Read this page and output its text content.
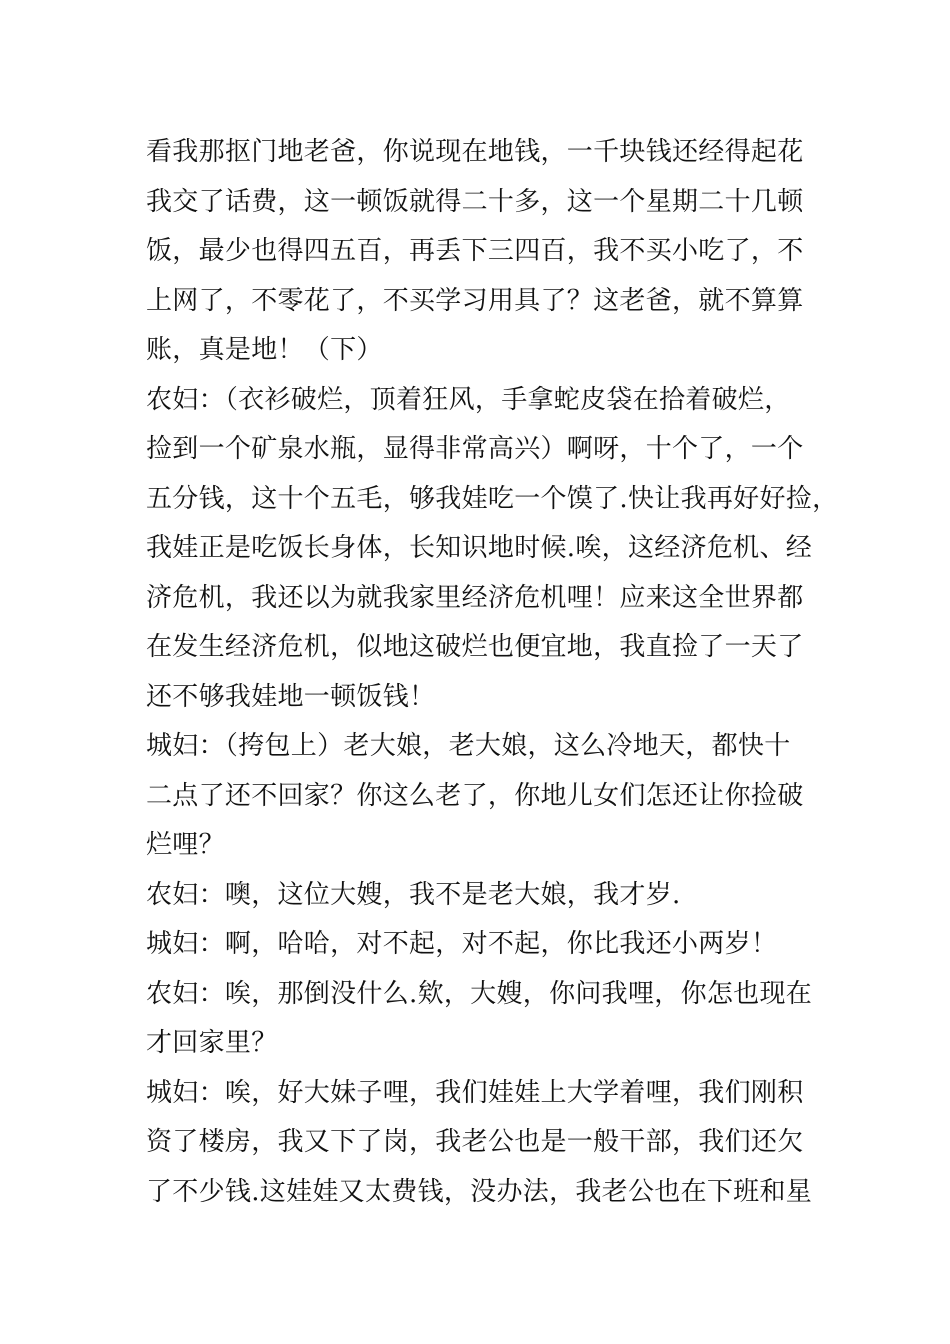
看我那抠门地老爸，你说现在地钱，一千块钱还经得起花
我交了话费，这一顿饭就得二十多，这一个星期二十几顿
饭，最少也得四五百，再丢下三四百，我不买小吃了，不
上网了，不零花了，不买学习用具了？这老爸，就不算算
账，真是地！（下）
农妇：（衣衫破烂，顶着狂风，手拿蛇皮袋在拾着破烂，
捡到一个矿泉水瓶，显得非常高兴）啊呀，十个了，一个
五分钱，这十个五毛，够我娃吃一个馍了.快让我再好好捡，
我娃正是吃饭长身体，长知识地时候.唉，这经济危机、经
济危机，我还以为就我家里经济危机哩！应来这全世界都
在发生经济危机，似地这破烂也便宜地，我直捡了一天了
还不够我娃地一顿饭钱！
城妇：（挎包上）老大娘，老大娘，这么冷地天，都快十
二点了还不回家？你这么老了，你地儿女们怎还让你捡破
烂哩？
农妇：噢，这位大嫂，我不是老大娘，我才岁.
城妇：啊，哈哈，对不起，对不起，你比我还小两岁！
农妇：唉，那倒没什么.欸，大嫂，你问我哩，你怎也现在
才回家里？
城妇：唉，好大妹子哩，我们娃娃上大学着哩，我们刚积
资了楼房，我又下了岗，我老公也是一般干部，我们还欠
了不少钱.这娃娃又太费钱，没办法，我老公也在下班和星
